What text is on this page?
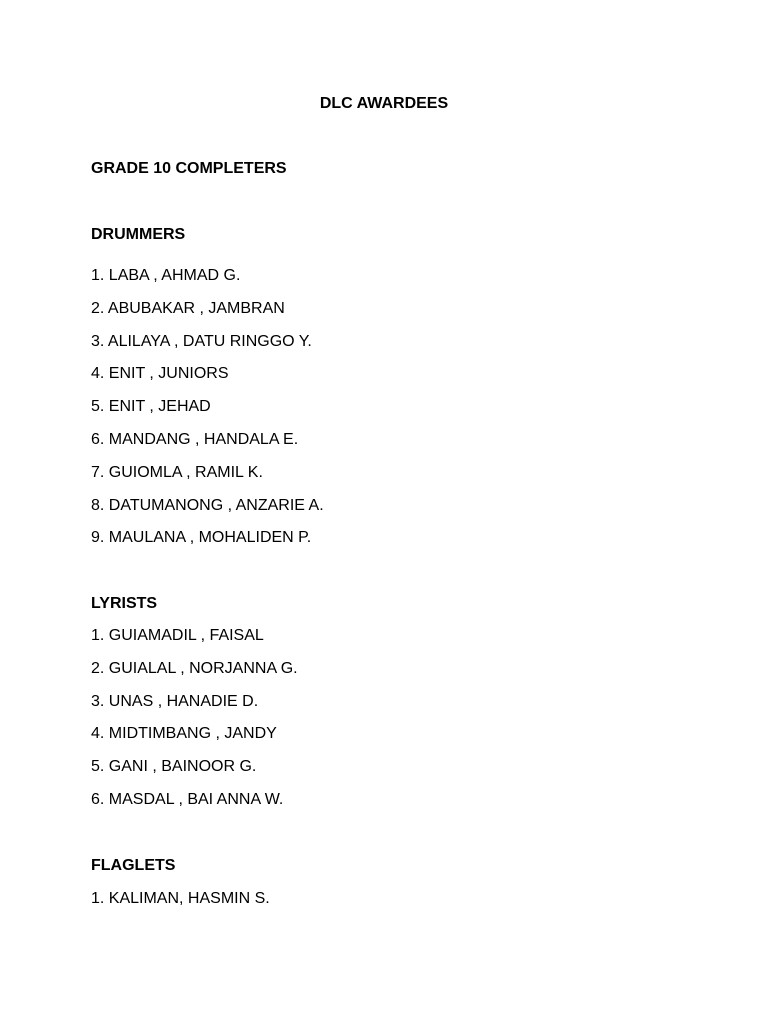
DLC AWARDEES
GRADE 10 COMPLETERS
DRUMMERS
1. LABA , AHMAD G.
2. ABUBAKAR , JAMBRAN
3. ALILAYA , DATU RINGGO Y.
4. ENIT , JUNIORS
5. ENIT , JEHAD
6. MANDANG , HANDALA E.
7. GUIOMLA , RAMIL K.
8. DATUMANONG , ANZARIE A.
9. MAULANA , MOHALIDEN P.
LYRISTS
1. GUIAMADIL , FAISAL
2. GUIALAL , NORJANNA G.
3. UNAS , HANADIE D.
4. MIDTIMBANG , JANDY
5. GANI , BAINOOR G.
6. MASDAL , BAI ANNA W.
FLAGLETS
1. KALIMAN, HASMIN S.
